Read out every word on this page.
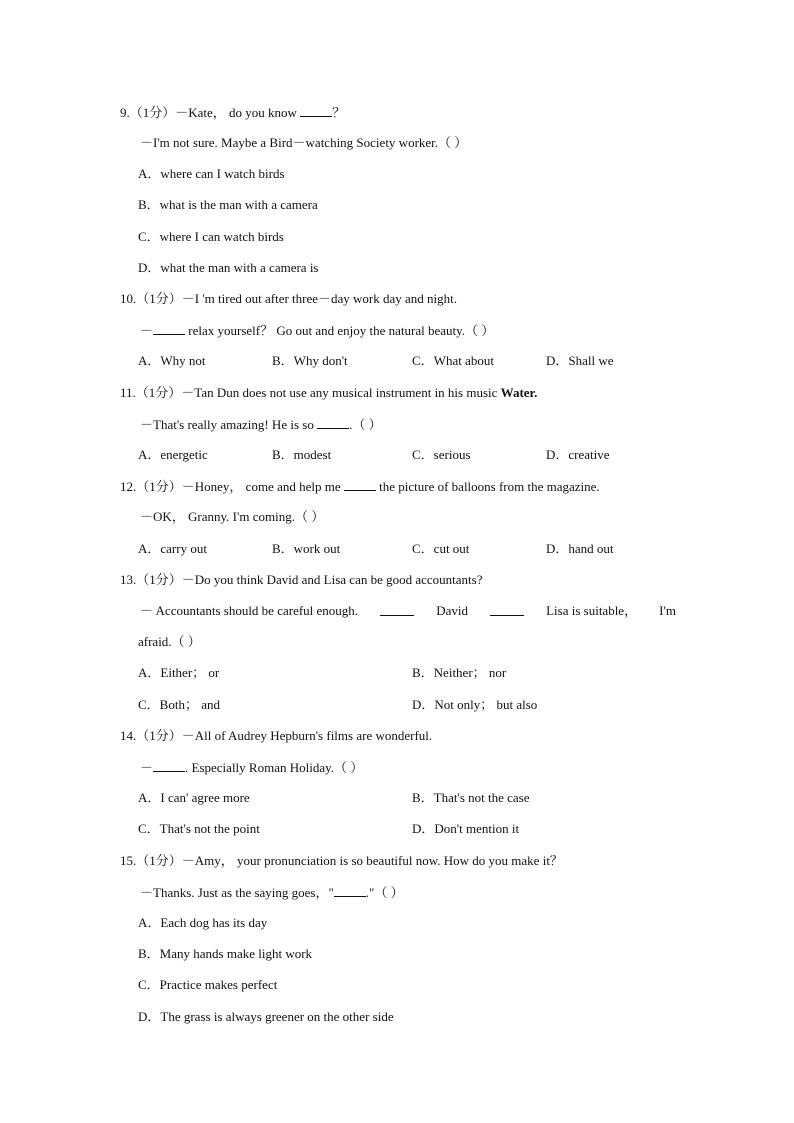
9.（1分）－Kate， do you know	？
－I'm not sure. Maybe a Bird－watching Society worker.（ ）
A．where can I watch birds
B．what is the man with a camera
C．where I can watch birds
D．what the man with a camera is
10.（1分）－I 'm tired out after three－day work day and night.
－ relax yourself？ Go out and enjoy the natural beauty.（ ）
A．Why not	B．Why don't	C．What about	D．Shall we
11.（1分）－Tan Dun does not use any musical instrument in his music Water.
－That's really amazing! He is so	.（ ）
A．energetic	B．modest	C．serious	D．creative
12.（1分）－Honey， come and help me	the picture of balloons from the magazine.
－OK， Granny. I'm coming.（ ）
A．carry out	B．work out	C．cut out	D．hand out
13.（1分）－Do you think David and Lisa can be good accountants?
－ Accountants should be careful enough.	David	Lisa is suitable， I'm
afraid.（ ）
A．Either； or	B．Neither； nor
C．Both； and	D．Not only； but also
14.（1分）－All of Audrey Hepburn's films are wonderful.
－ . Especially Roman Holiday.（ ）
A．I can' agree more	B．That's not the case
C．That's not the point	D．Don't mention it
15.（1分）－Amy， your pronunciation is so beautiful now. How do you make it？
－Thanks. Just as the saying goes，" ."（ ）
A．Each dog has its day
B．Many hands make light work
C．Practice makes perfect
D．The grass is always greener on the other side
